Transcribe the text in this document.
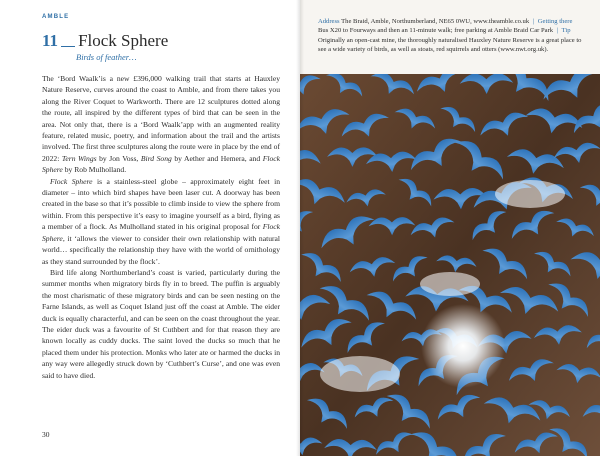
AMBLE
11 Flock Sphere
Birds of feather…

The ‘Bord Waalk’is a new £396,000 walking trail that starts at Hauxley Nature Reserve, curves around the coast to Amble, and from there takes you along the River Coquet to Warkworth. There are 12 sculptures dotted along the route, all inspired by the different types of bird that can be seen in the area. Not only that, there is a ‘Bord Waalk’app with an augmented reality feature, related music, poetry, and information about the trail and the artists involved. The first three sculptures along the route were in place by the end of 2022: Tern Wings by Jon Voss, Bird Song by Aether and Hemera, and Flock Sphere by Rob Mulholland.

Flock Sphere is a stainless-steel globe – approximately eight feet in diameter – into which bird shapes have been laser cut. A doorway has been created in the base so that it’s possible to climb inside to view the sphere from within. From this perspective it’s easy to imagine yourself as a bird, flying as a member of a flock. As Mulholland stated in his original proposal for Flock Sphere, it ‘allows the viewer to consider their own relationship with natural world… specifically the relationship they have with the world of ornithology as they stand surrounded by the flock’.

Bird life along Northumberland’s coast is varied, particularly during the summer months when migratory birds fly in to breed. The puffin is arguably the most charismatic of these migratory birds and can be seen nesting on the Farne Islands, as well as Coquet Island just off the coast at Amble. The eider duck is equally characterful, and can be seen on the coast throughout the year. The eider duck was a favourite of St Cuthbert and for that reason they are known locally as cuddy ducks. The saint loved the ducks so much that he placed them under his protection. Monks who later ate or harmed the ducks in any way were allegedly struck down by ‘Cuthbert’s Curse’, and one was even said to have died.

30
Address The Braid, Amble, Northumberland, NE65 0WU, www.theamble.co.uk | Getting there Bus X20 to Fourways and then an 11-minute walk; free parking at Amble Braid Car Park | Tip Originally an open-cast mine, the thoroughly naturalised Hauxley Nature Reserve is a great place to see a wide variety of birds, as well as stoats, red squirrels and otters (www.nwt.org.uk).
